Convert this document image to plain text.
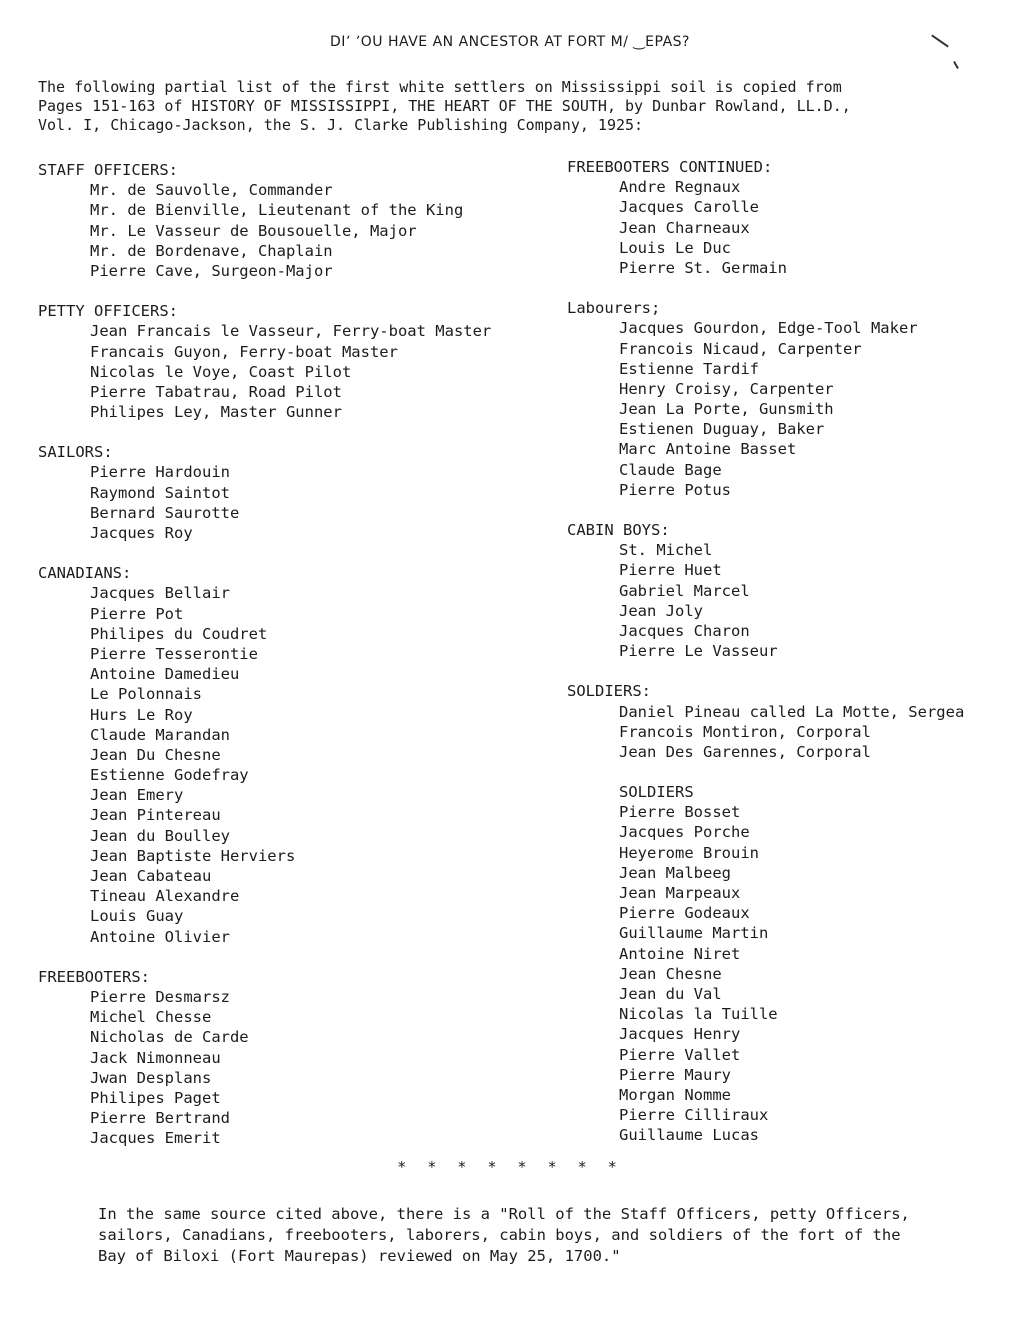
DIʼ ʼOU HAVE AN ANCESTOR AT FORT M/ ‿EPAS?
The following partial list of the first white settlers on Mississippi soil is copied from
Pages 151-163 of HISTORY OF MISSISSIPPI, THE HEART OF THE SOUTH, by Dunbar Rowland, LL.D.,
Vol. I, Chicago-Jackson, the S. J. Clarke Publishing Company, 1925:
STAFF OFFICERS:
Mr. de Sauvolle, Commander
Mr. de Bienville, Lieutenant of the King
Mr. Le Vasseur de Bousouelle, Major
Mr. de Bordenave, Chaplain
Pierre Cave, Surgeon-Major
PETTY OFFICERS:
Jean Francais le Vasseur, Ferry-boat Master
Francais Guyon, Ferry-boat Master
Nicolas le Voye, Coast Pilot
Pierre Tabatrau, Road Pilot
Philipes Ley, Master Gunner
SAILORS:
Pierre Hardouin
Raymond Saintot
Bernard Saurotte
Jacques Roy
CANADIANS:
Jacques Bellair
Pierre Pot
Philipes du Coudret
Pierre Tesserontie
Antoine Damedieu
Le Polonnais
Hurs Le Roy
Claude Marandan
Jean Du Chesne
Estienne Godefray
Jean Emery
Jean Pintereau
Jean du Boulley
Jean Baptiste Herviers
Jean Cabateau
Tineau Alexandre
Louis Guay
Antoine Olivier
FREEBOOTERS:
Pierre Desmarsz
Michel Chesse
Nicholas de Carde
Jack Nimonneau
Jwan Desplans
Philipes Paget
Pierre Bertrand
Jacques Emerit
FREEBOOTERS CONTINUED:
Andre Regnaux
Jacques Carolle
Jean Charneaux
Louis Le Duc
Pierre St. Germain
Labourers;
Jacques Gourdon, Edge-Tool Maker
Francois Nicaud, Carpenter
Estienne Tardif
Henry Croisy, Carpenter
Jean La Porte, Gunsmith
Estienen Duguay, Baker
Marc Antoine Basset
Claude Bage
Pierre Potus
CABIN BOYS:
St. Michel
Pierre Huet
Gabriel Marcel
Jean Joly
Jacques Charon
Pierre Le Vasseur
SOLDIERS:
Daniel Pineau called La Motte, Sergea
Francois Montiron, Corporal
Jean Des Garennes, Corporal
SOLDIERS
Pierre Bosset
Jacques Porche
Heyerome Brouin
Jean Malbeeg
Jean Marpeaux
Pierre Godeaux
Guillaume Martin
Antoine Niret
Jean Chesne
Jean du Val
Nicolas la Tuille
Jacques Henry
Pierre Vallet
Pierre Maury
Morgan Nomme
Pierre Cilliraux
Guillaume Lucas
* * * * * * * *
In the same source cited above, there is a "Roll of the Staff Officers, petty Officers,
sailors, Canadians, freebooters, laborers, cabin boys, and soldiers of the fort of the
Bay of Biloxi (Fort Maurepas) reviewed on May 25, 1700."
